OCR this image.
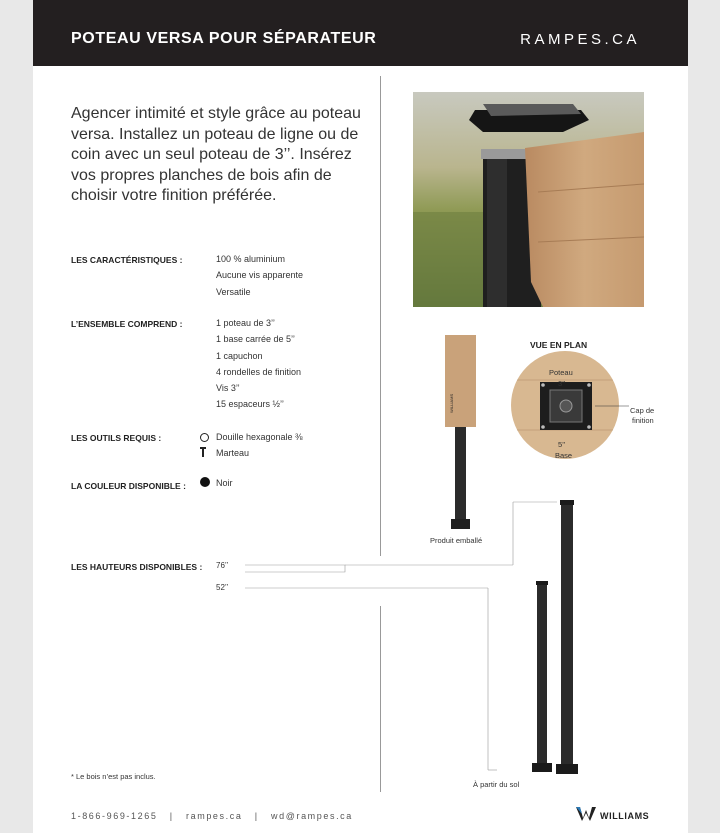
POTEAU VERSA POUR SÉPARATEUR	RAMPES.CA
Agencer intimité et style grâce au poteau versa. Installez un poteau de ligne ou de coin avec un seul poteau de 3’’. Insérez vos propres planches de bois afin de choisir votre finition préférée.
LES CARACTÉRISTIQUES :	100 % aluminium
Aucune vis apparente
Versatile
L’ENSEMBLE COMPREND :	1 poteau de 3’’
1 base carrée de 5’’
1 capuchon
4 rondelles de finition
Vis 3’’
15 espaceurs ½’’
LES OUTILS REQUIS :	Douille hexagonale ⅜
Marteau
LA COULEUR DISPONIBLE :	Noir
LES HAUTEURS DISPONIBLES : 76’’
52’’
WILLIAMS
Produit emballé
VUE EN PLAN
Poteau
3’’
5’’
Base
Cap de
finition
À partir du sol
* Le bois n’est pas inclus.
1-866-969-1265 | rampes.ca | wd@rampes.ca	WILLIAMS
